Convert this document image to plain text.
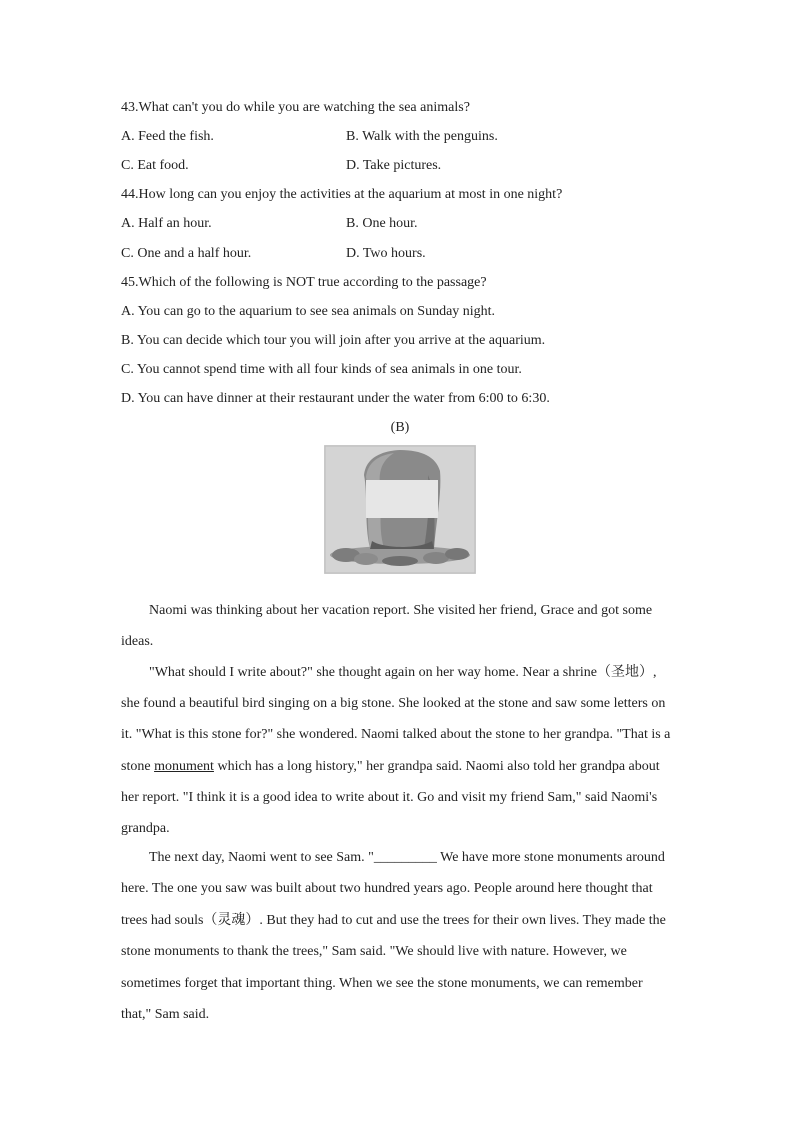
43.What can't you do while you are watching the sea animals?
A. Feed the fish.	B. Walk with the penguins.
C. Eat food.	D. Take pictures.
44.How long can you enjoy the activities at the aquarium at most in one night?
A. Half an hour.	B. One hour.
C. One and a half hour.	D. Two hours.
45.Which of the following is NOT true according to the passage?
A. You can go to the aquarium to see sea animals on Sunday night.
B. You can decide which tour you will join after you arrive at the aquarium.
C. You cannot spend time with all four kinds of sea animals in one tour.
D. You can have dinner at their restaurant under the water from 6:00 to 6:30.
(B)
Naomi was thinking about her vacation report. She visited her friend, Grace and got some
ideas.
"What should I write about?" she thought again on her way home. Near a shrine（圣地）,
she found a beautiful bird singing on a big stone. She looked at the stone and saw some letters on
it. "What is this stone for?" she wondered. Naomi talked about the stone to her grandpa. "That is a
stone monument which has a long history," her grandpa said. Naomi also told her grandpa about
her report. "I think it is a good idea to write about it. Go and visit my friend Sam," said Naomi's
grandpa.
The next day, Naomi went to see Sam. "_________ We have more stone monuments around
here. The one you saw was built about two hundred years ago. People around here thought that
trees had souls（灵魂）. But they had to cut and use the trees for their own lives. They made the
stone monuments to thank the trees," Sam said. "We should live with nature. However, we
sometimes forget that important thing. When we see the stone monuments, we can remember
that," Sam said.
